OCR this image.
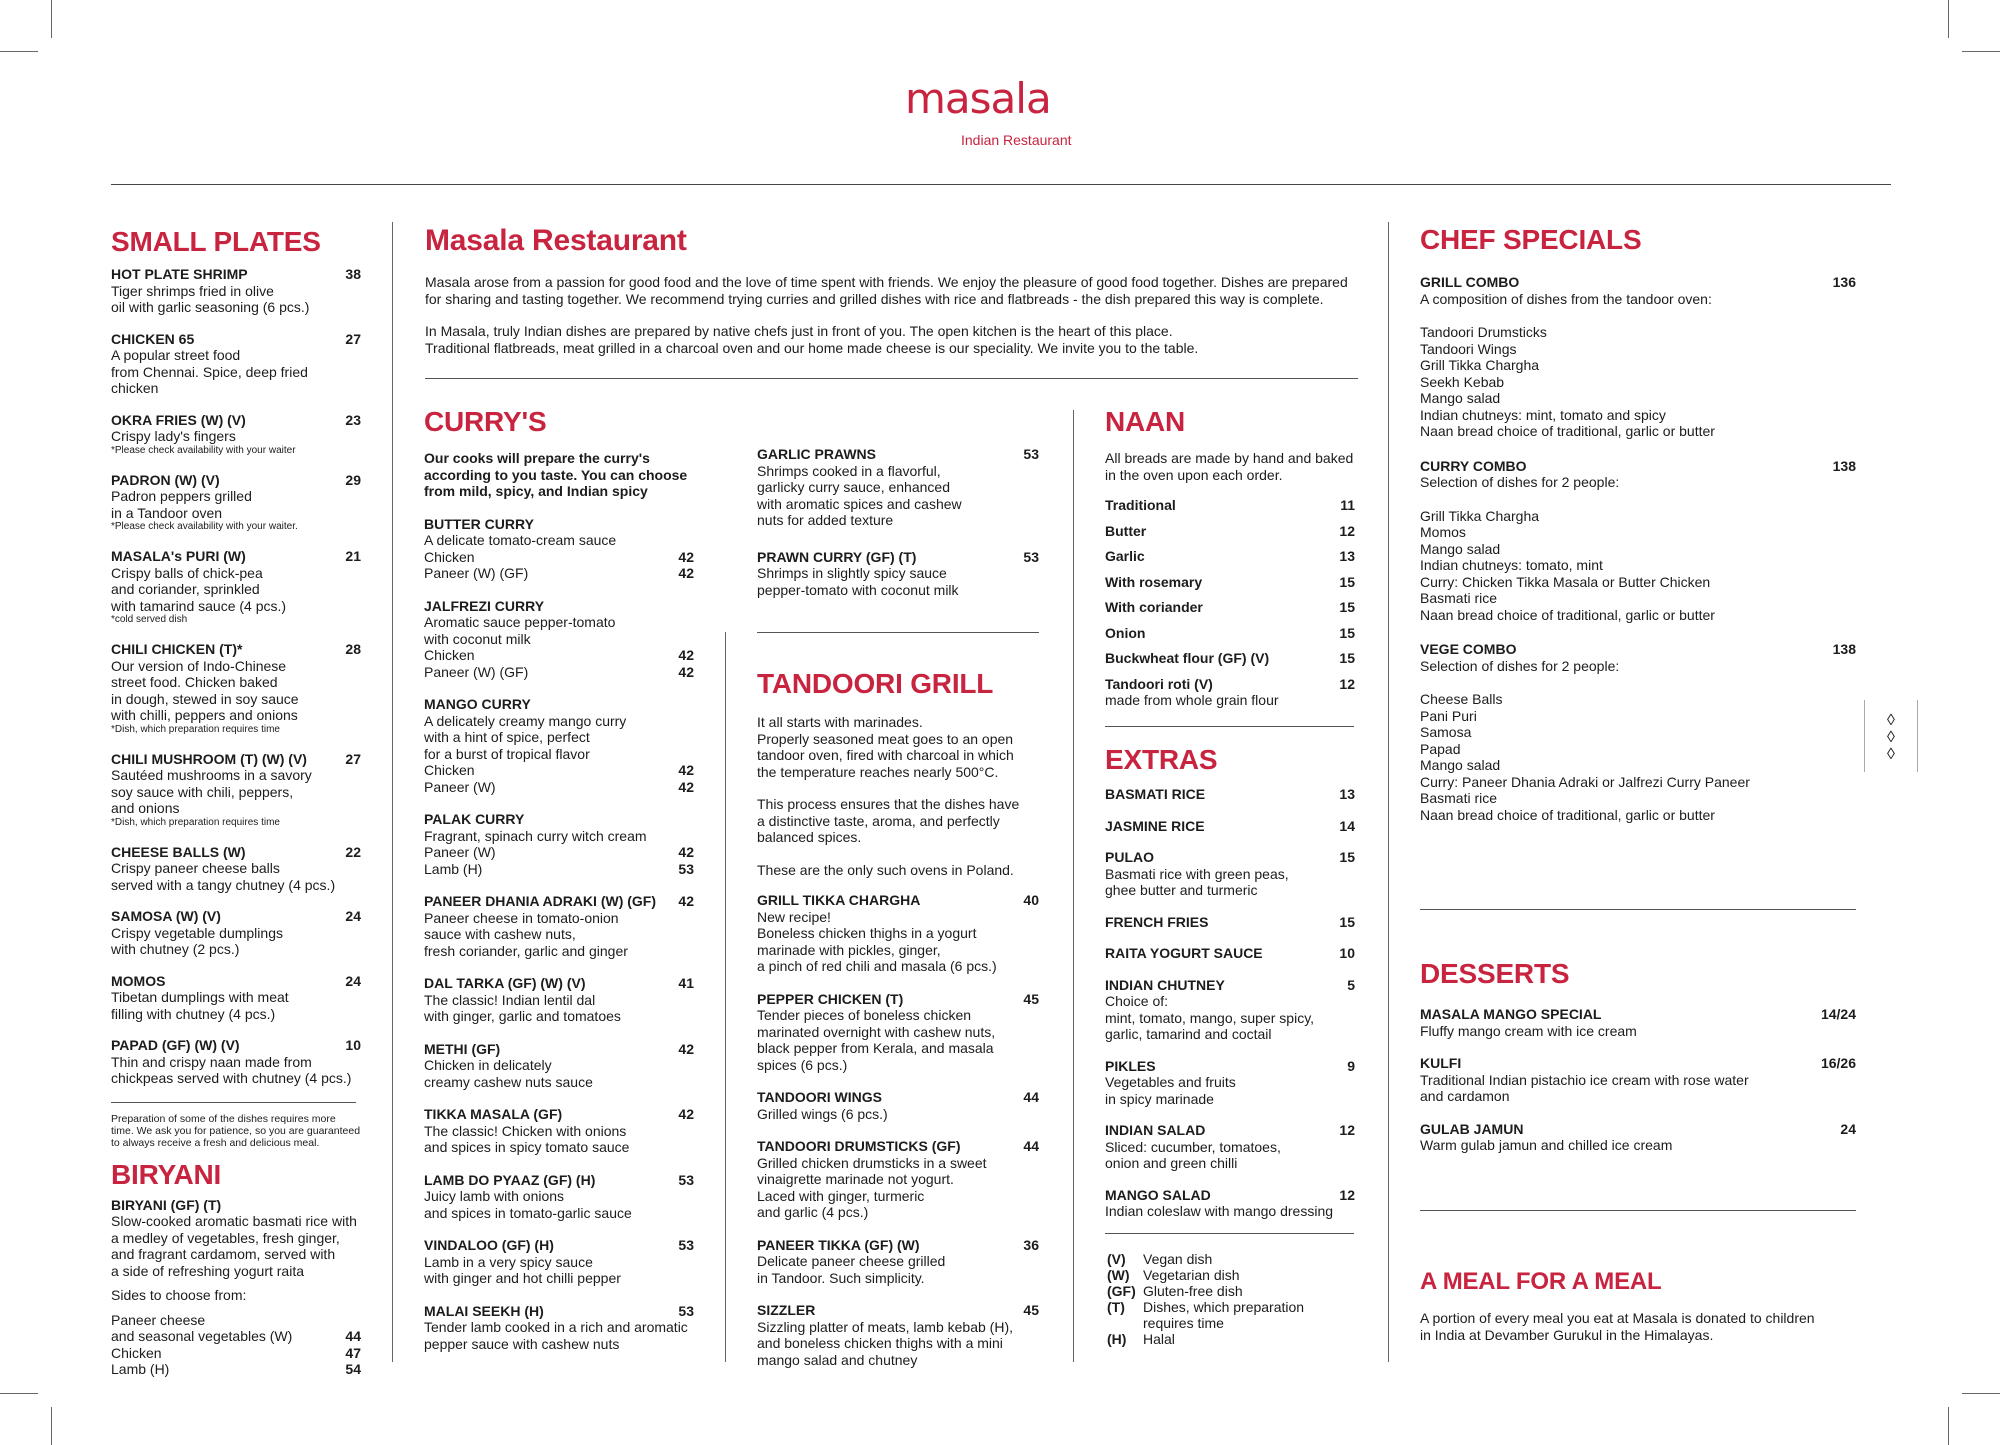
masala
Indian Restaurant
◊
◊
◊
SMALL PLATES
HOT PLATE SHRIMP	38
Tiger shrimps fried in olive
oil with garlic seasoning (6 pcs.)
CHICKEN 65	27
A popular street food
from Chennai. Spice, deep fried
chicken
OKRA FRIES (W) (V)	23
Crispy lady's fingers
*Please check availability with your waiter
PADRON (W) (V)	29
Padron peppers grilled
in a Tandoor oven
*Please check availability with your waiter.
MASALA's PURI (W)	21
Crispy balls of chick-pea
and coriander, sprinkled
with tamarind sauce (4 pcs.)
*cold served dish
CHILI CHICKEN (T)*	28
Our version of Indo-Chinese
street food. Chicken baked
in dough, stewed in soy sauce
with chilli, peppers and onions
*Dish, which preparation requires time
CHILI MUSHROOM (T) (W) (V)	27
Sautéed mushrooms in a savory
soy sauce with chili, peppers,
and onions
*Dish, which preparation requires time
CHEESE BALLS (W)	22
Crispy paneer cheese balls
served with a tangy chutney (4 pcs.)
SAMOSA (W) (V)	24
Crispy vegetable dumplings
with chutney (2 pcs.)
MOMOS	24
Tibetan dumplings with meat
filling with chutney (4 pcs.)
PAPAD (GF) (W) (V)	10
Thin and crispy naan made from
chickpeas served with chutney (4 pcs.)
Preparation of some of the dishes requires more time. We ask you for patience, so you are guaranteed to always receive a fresh and delicious meal.
BIRYANI
BIRYANI (GF) (T)
Slow-cooked aromatic basmati rice with
a medley of vegetables, fresh ginger,
and fragrant cardamom, served with
a side of refreshing yogurt raita
Sides to choose from:
Paneer cheese
and seasonal vegetables (W)	44
Chicken	47
Lamb (H)	54
Masala Restaurant

Masala arose from a passion for good food and the love of time spent with friends. We enjoy the pleasure of good food together. Dishes are prepared for sharing and tasting together. We recommend trying curries and grilled dishes with rice and flatbreads - the dish prepared this way is complete.

In Masala, truly Indian dishes are prepared by native chefs just in front of you. The open kitchen is the heart of this place.
Traditional flatbreads, meat grilled in a charcoal oven and our home made cheese is our speciality. We invite you to the table.

CURRY'S

Our cooks will prepare the curry's
according to you taste. You can choose
from mild, spicy, and Indian spicy

BUTTER CURRY
A delicate tomato-cream sauce
Chicken	42
Paneer (W) (GF)	42
JALFREZI CURRY
Aromatic sauce pepper-tomato
with coconut milk
Chicken	42
Paneer (W) (GF)	42
MANGO CURRY
A delicately creamy mango curry
with a hint of spice, perfect
for a burst of tropical flavor
Chicken	42
Paneer (W)	42
PALAK CURRY
Fragrant, spinach curry witch cream
Paneer (W)	42
Lamb (H)	53
PANEER DHANIA ADRAKI (W) (GF) 42
Paneer cheese in tomato-onion
sauce with cashew nuts,
fresh coriander, garlic and ginger
DAL TARKA (GF) (W) (V)	41
The classic! Indian lentil dal
with ginger, garlic and tomatoes
METHI (GF)	42
Chicken in delicately
creamy cashew nuts sauce
TIKKA MASALA (GF)	42
The classic! Chicken with onions
and spices in spicy tomato sauce
LAMB DO PYAAZ (GF) (H)	53
Juicy lamb with onions
and spices in tomato-garlic sauce
VINDALOO (GF) (H)	53
Lamb in a very spicy sauce
with ginger and hot chilli pepper
MALAI SEEKH (H)	53
Tender lamb cooked in a rich and aromatic
pepper sauce with cashew nuts
GARLIC PRAWNS	53
Shrimps cooked in a flavorful,
garlicky curry sauce, enhanced
with aromatic spices and cashew
nuts for added texture
PRAWN CURRY (GF) (T)	53
Shrimps in slightly spicy sauce
pepper-tomato with coconut milk
TANDOORI GRILL

It all starts with marinades.
Properly seasoned meat goes to an open
tandoor oven, fired with charcoal in which
the temperature reaches nearly 500°C.

This process ensures that the dishes have
a distinctive taste, aroma, and perfectly
balanced spices.

These are the only such ovens in Poland.

GRILL TIKKA CHARGHA	40
New recipe!
Boneless chicken thighs in a yogurt
marinade with pickles, ginger,
a pinch of red chili and masala (6 pcs.)
PEPPER CHICKEN (T)	45
Tender pieces of boneless chicken
marinated overnight with cashew nuts,
black pepper from Kerala, and masala
spices (6 pcs.)
TANDOORI WINGS	44
Grilled wings (6 pcs.)
TANDOORI DRUMSTICKS (GF)	44
Grilled chicken drumsticks in a sweet
vinaigrette marinade not yogurt.
Laced with ginger, turmeric
and garlic (4 pcs.)
PANEER TIKKA (GF) (W)	36
Delicate paneer cheese grilled
in Tandoor. Such simplicity.
SIZZLER	45
Sizzling platter of meats, lamb kebab (H),
and boneless chicken thighs with a mini
mango salad and chutney
NAAN

All breads are made by hand and baked
in the oven upon each order.

Traditional	11
Butter	12
Garlic	13
With rosemary	15
With coriander	15
Onion	15
Buckwheat flour (GF) (V)	15
Tandoori roti (V)	12
made from whole grain flour
EXTRAS
BASMATI RICE	13
JASMINE RICE	14
PULAO	15
Basmati rice with green peas,
ghee butter and turmeric
FRENCH FRIES	15
RAITA YOGURT SAUCE	10
INDIAN CHUTNEY	5
Choice of:
mint, tomato, mango, super spicy,
garlic, tamarind and coctail
PIKLES	9
Vegetables and fruits
in spicy marinade
INDIAN SALAD	12
Sliced: cucumber, tomatoes,
onion and green chilli
MANGO SALAD	12
Indian coleslaw with mango dressing
(V)	Vegan dish
(W) Vegetarian dish
(GF) Gluten-free dish
(T)	Dishes, which preparation
requires time
(H)	Halal
CHEF SPECIALS
GRILL COMBO	136
A composition of dishes from the tandoor oven:
Tandoori Drumsticks
Tandoori Wings
Grill Tikka Chargha
Seekh Kebab
Mango salad
Indian chutneys: mint, tomato and spicy
Naan bread choice of traditional, garlic or butter
CURRY COMBO	138
Selection of dishes for 2 people:
Grill Tikka Chargha
Momos
Mango salad
Indian chutneys: tomato, mint
Curry: Chicken Tikka Masala or Butter Chicken
Basmati rice
Naan bread choice of traditional, garlic or butter
VEGE COMBO	138
Selection of dishes for 2 people:
Cheese Balls
Pani Puri
Samosa
Papad
Mango salad
Curry: Paneer Dhania Adraki or Jalfrezi Curry Paneer
Basmati rice
Naan bread choice of traditional, garlic or butter
DESSERTS
MASALA MANGO SPECIAL	14/24
Fluffy mango cream with ice cream
KULFI	16/26
Traditional Indian pistachio ice cream with rose water
and cardamon
GULAB JAMUN	24
Warm gulab jamun and chilled ice cream
A MEAL FOR A MEAL

A portion of every meal you eat at Masala is donated to children
in India at Devamber Gurukul in the Himalayas.
